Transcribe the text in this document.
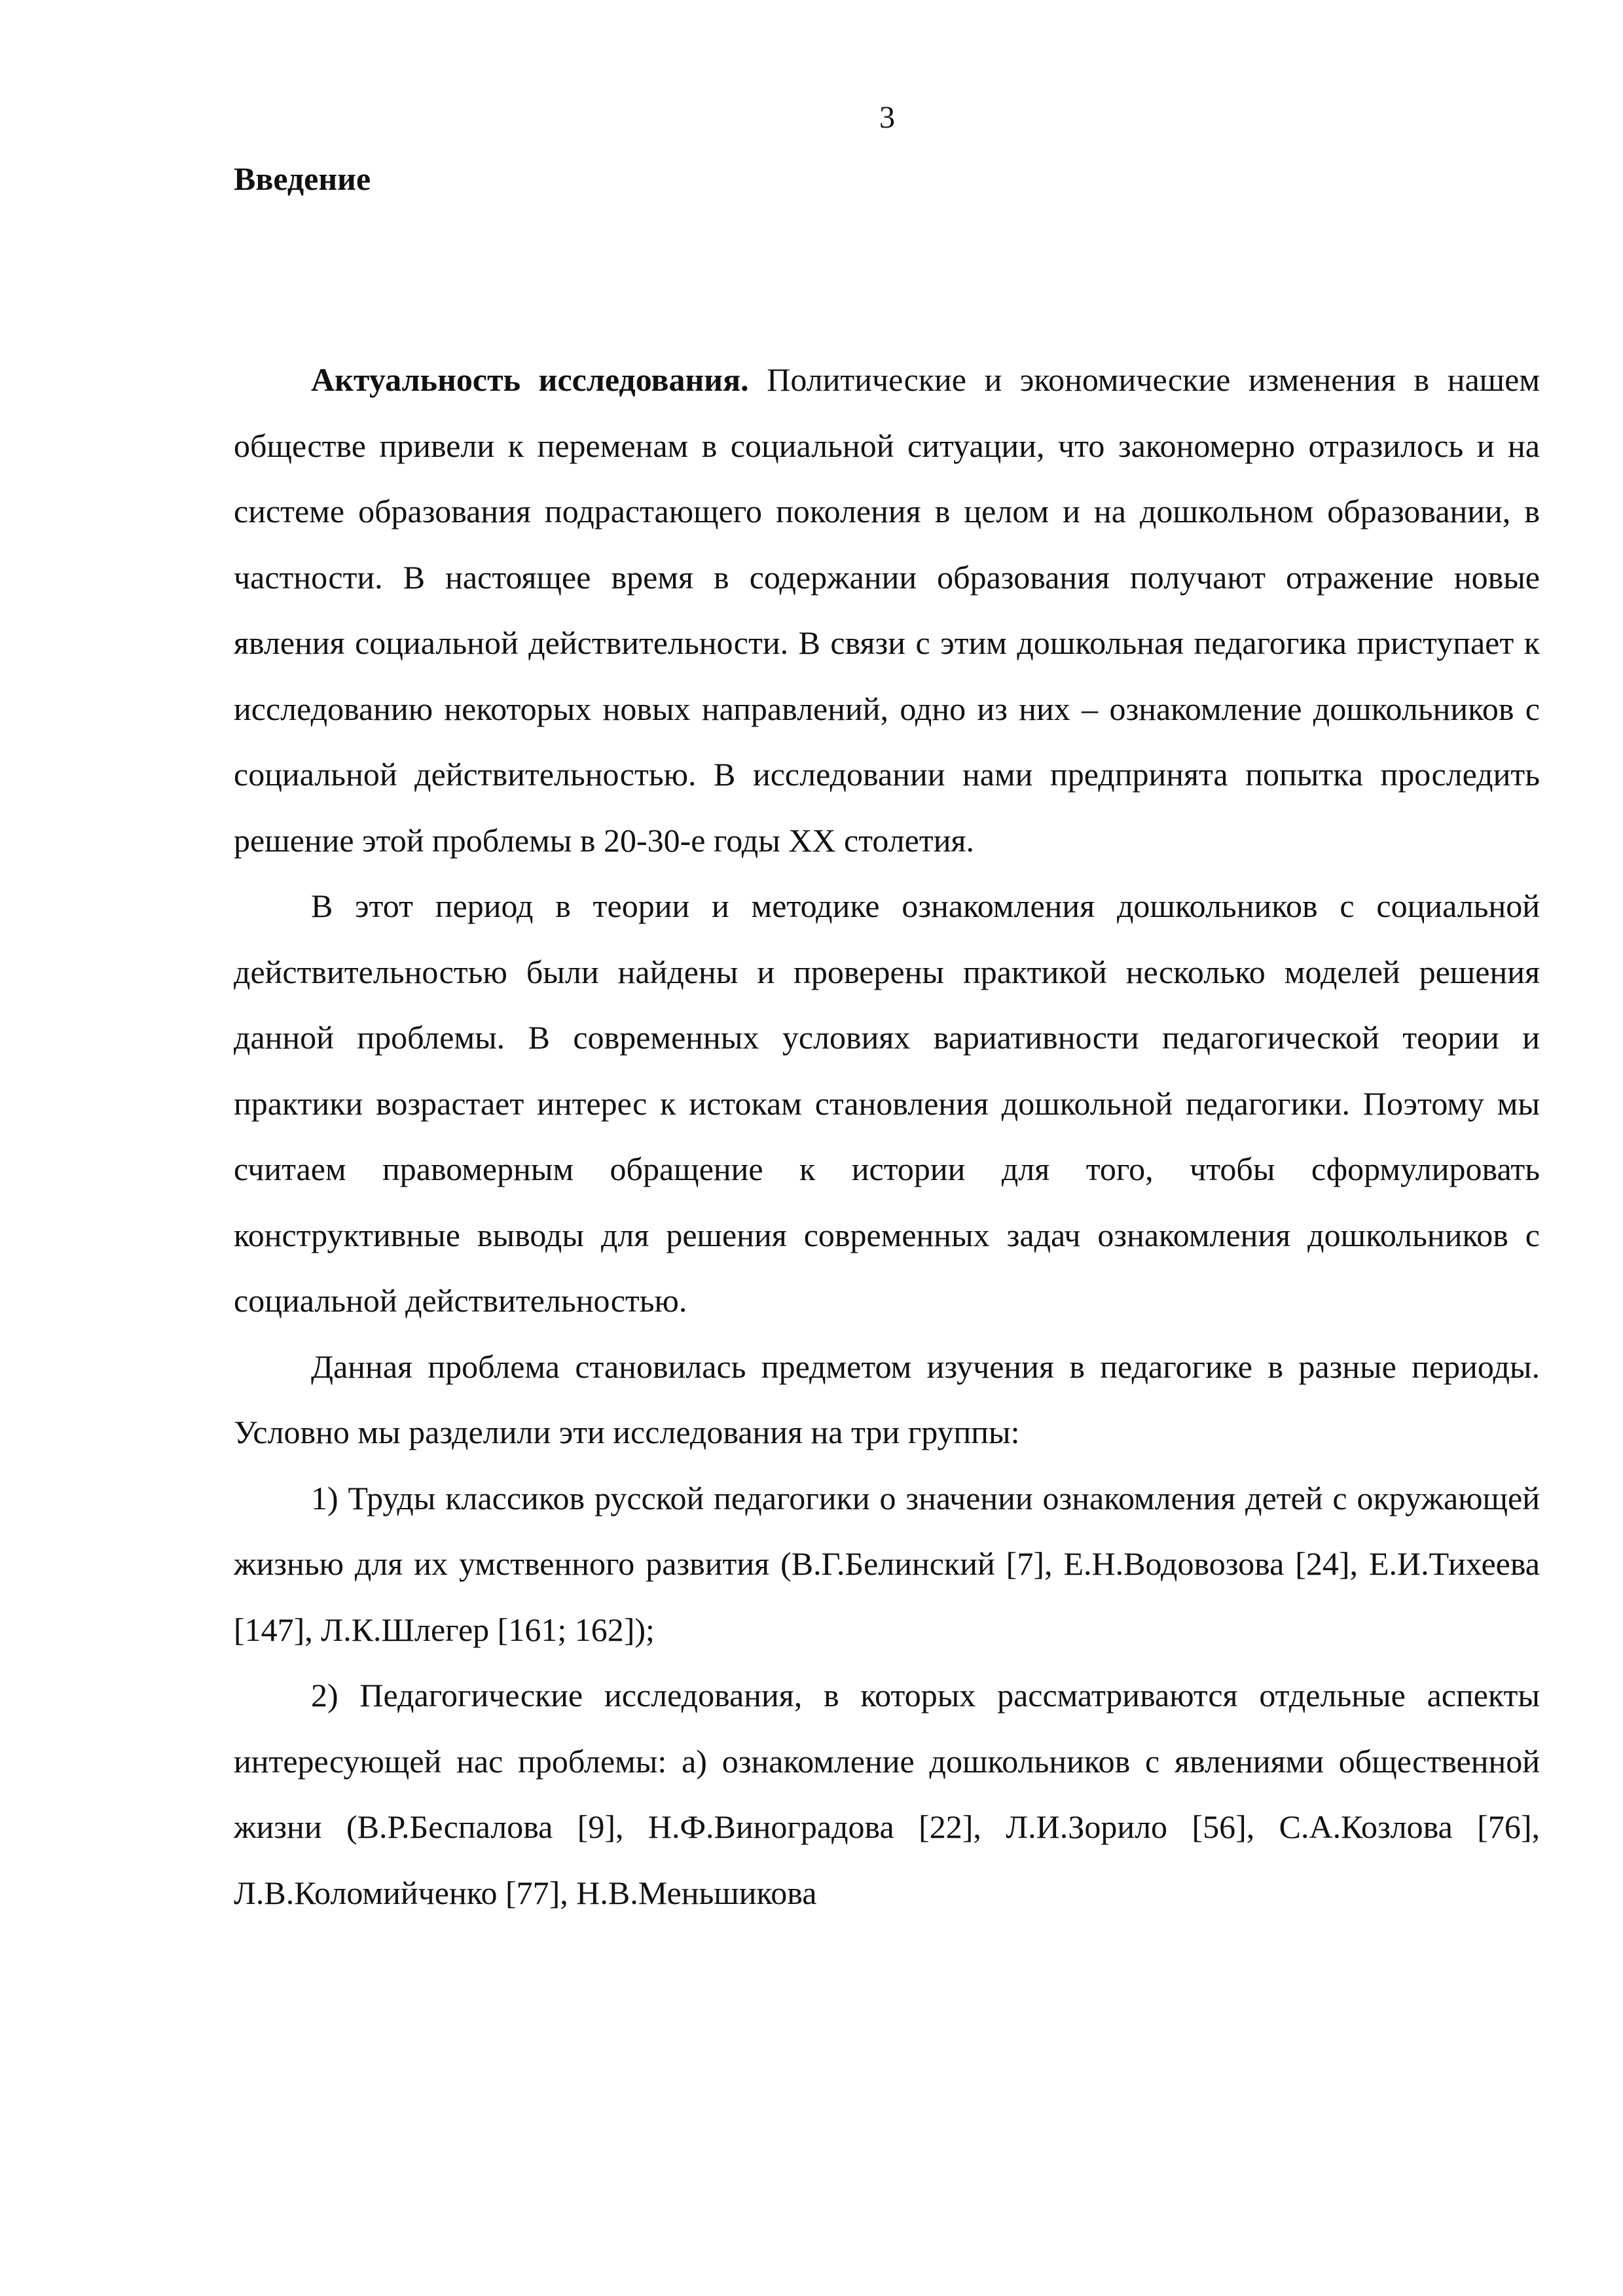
3
Введение

Актуальность исследования. Политические и экономические изменения в нашем обществе привели к переменам в социальной ситуации, что закономерно отразилось и на системе образования подрастающего поколения в целом и на дошкольном образовании, в частности. В настоящее время в содержании образования получают отражение новые явления социальной действительности. В связи с этим дошкольная педагогика приступает к исследованию некоторых новых направлений, одно из них – ознакомление дошкольников с социальной действительностью. В исследовании нами предпринята попытка проследить решение этой проблемы в 20-30-е годы XX столетия.

В этот период в теории и методике ознакомления дошкольников с социальной действительностью были найдены и проверены практикой несколько моделей решения данной проблемы. В современных условиях вариативности педагогической теории и практики возрастает интерес к истокам становления дошкольной педагогики. Поэтому мы считаем правомерным обращение к истории для того, чтобы сформулировать конструктивные выводы для решения современных задач ознакомления дошкольников с социальной действительностью.

Данная проблема становилась предметом изучения в педагогике в разные периоды. Условно мы разделили эти исследования на три группы:

1) Труды классиков русской педагогики о значении ознакомления детей с окружающей жизнью для их умственного развития (В.Г.Белинский [7], Е.Н.Водовозова [24], Е.И.Тихеева [147], Л.К.Шлегер [161; 162]);

2) Педагогические исследования, в которых рассматриваются отдельные аспекты интересующей нас проблемы: а) ознакомление дошкольников с явлениями общественной жизни (В.Р.Беспалова [9], Н.Ф.Виноградова [22], Л.И.Зорило [56], С.А.Козлова [76], Л.В.Коломийченко [77], Н.В.Меньшикова
